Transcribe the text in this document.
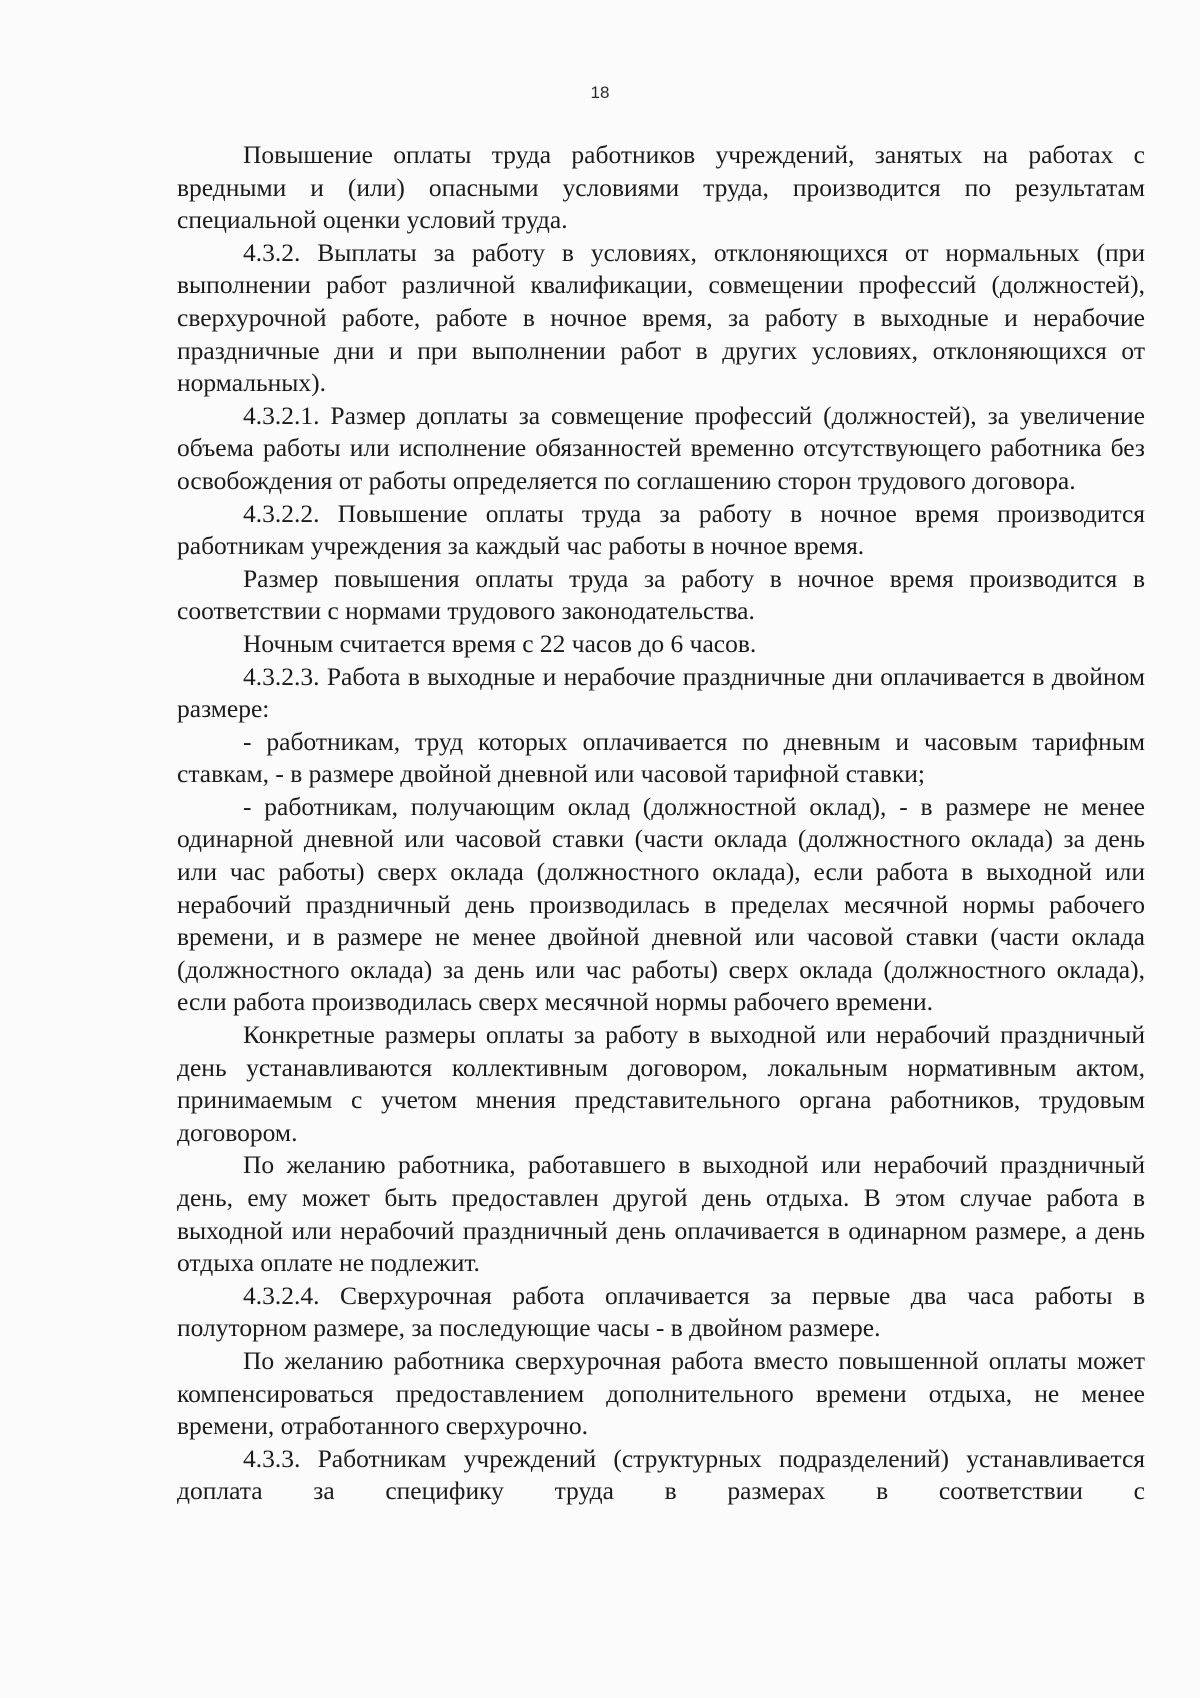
18

Повышение оплаты труда работников учреждений, занятых на работах с вредными и (или) опасными условиями труда, производится по результатам специальной оценки условий труда.

4.3.2. Выплаты за работу в условиях, отклоняющихся от нормальных (при выполнении работ различной квалификации, совмещении профессий (должностей), сверхурочной работе, работе в ночное время, за работу в выходные и нерабочие праздничные дни и при выполнении работ в других условиях, отклоняющихся от нормальных).

4.3.2.1. Размер доплаты за совмещение профессий (должностей), за увеличение объема работы или исполнение обязанностей временно отсутствующего работника без освобождения от работы определяется по соглашению сторон трудового договора.

4.3.2.2. Повышение оплаты труда за работу в ночное время производится работникам учреждения за каждый час работы в ночное время.

Размер повышения оплаты труда за работу в ночное время производится в соответствии с нормами трудового законодательства.

Ночным считается время с 22 часов до 6 часов.

4.3.2.3. Работа в выходные и нерабочие праздничные дни оплачивается в двойном размере:

- работникам, труд которых оплачивается по дневным и часовым тарифным ставкам, - в размере двойной дневной или часовой тарифной ставки;

- работникам, получающим оклад (должностной оклад), - в размере не менее одинарной дневной или часовой ставки (части оклада (должностного оклада) за день или час работы) сверх оклада (должностного оклада), если работа в выходной или нерабочий праздничный день производилась в пределах месячной нормы рабочего времени, и в размере не менее двойной дневной или часовой ставки (части оклада (должностного оклада) за день или час работы) сверх оклада (должностного оклада), если работа производилась сверх месячной нормы рабочего времени.

Конкретные размеры оплаты за работу в выходной или нерабочий праздничный день устанавливаются коллективным договором, локальным нормативным актом, принимаемым с учетом мнения представительного органа работников, трудовым договором.

По желанию работника, работавшего в выходной или нерабочий праздничный день, ему может быть предоставлен другой день отдыха. В этом случае работа в выходной или нерабочий праздничный день оплачивается в одинарном размере, а день отдыха оплате не подлежит.

4.3.2.4. Сверхурочная работа оплачивается за первые два часа работы в полуторном размере, за последующие часы - в двойном размере.

По желанию работника сверхурочная работа вместо повышенной оплаты может компенсироваться предоставлением дополнительного времени отдыха, не менее времени, отработанного сверхурочно.

4.3.3. Работникам учреждений (структурных подразделений) устанавливается доплата за специфику труда в размерах в соответствии с
